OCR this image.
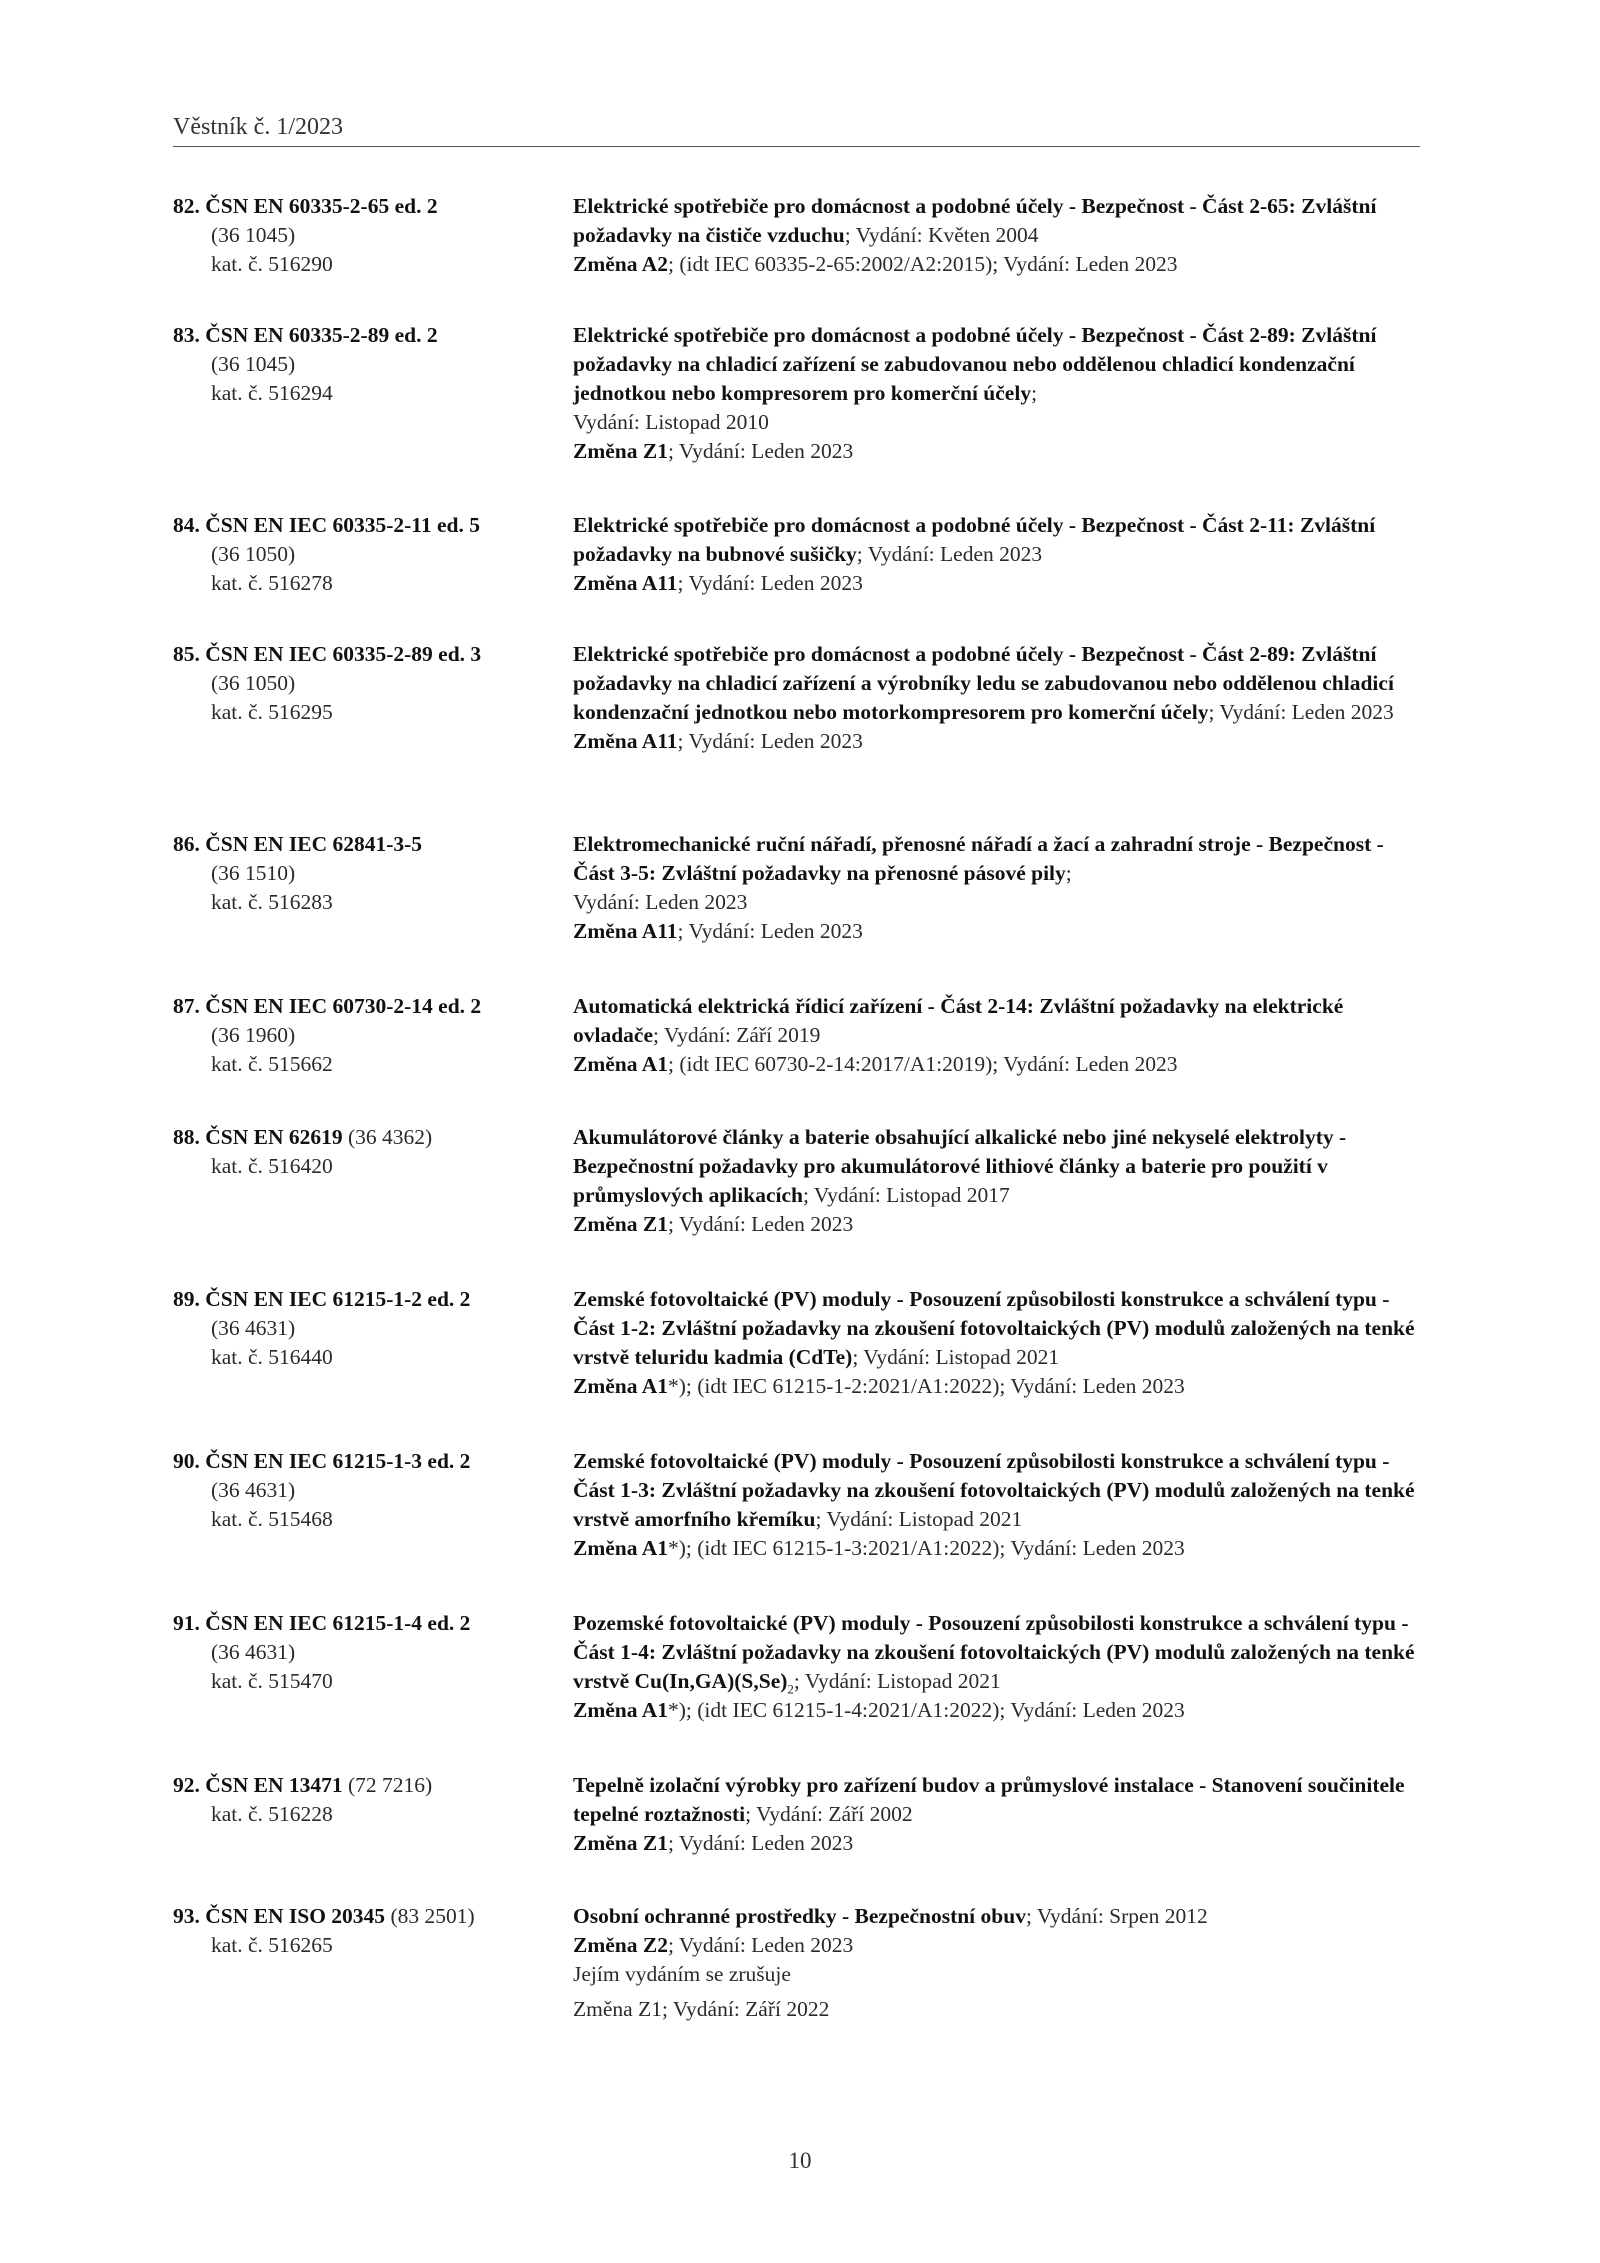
Věstník č. 1/2023
82. ČSN EN 60335-2-65 ed. 2
(36 1045)
kat. č. 516290
Elektrické spotřebiče pro domácnost a podobné účely - Bezpečnost - Část 2-65: Zvláštní požadavky na čističe vzduchu; Vydání: Květen 2004
Změna A2; (idt IEC 60335-2-65:2002/A2:2015); Vydání: Leden 2023
83. ČSN EN 60335-2-89 ed. 2
(36 1045)
kat. č. 516294
Elektrické spotřebiče pro domácnost a podobné účely - Bezpečnost - Část 2-89: Zvláštní požadavky na chladicí zařízení se zabudovanou nebo oddělenou chladicí kondenzační jednotkou nebo kompresorem pro komerční účely;
Vydání: Listopad 2010
Změna Z1; Vydání: Leden 2023
84. ČSN EN IEC 60335-2-11 ed. 5
(36 1050)
kat. č. 516278
Elektrické spotřebiče pro domácnost a podobné účely - Bezpečnost - Část 2-11: Zvláštní požadavky na bubnové sušičky; Vydání: Leden 2023
Změna A11; Vydání: Leden 2023
85. ČSN EN IEC 60335-2-89 ed. 3
(36 1050)
kat. č. 516295
Elektrické spotřebiče pro domácnost a podobné účely - Bezpečnost - Část 2-89: Zvláštní požadavky na chladicí zařízení a výrobníky ledu se zabudovanou nebo oddělenou chladicí kondenzační jednotkou nebo motorkompresorem pro komerční účely; Vydání: Leden 2023
Změna A11; Vydání: Leden 2023
86. ČSN EN IEC 62841-3-5
(36 1510)
kat. č. 516283
Elektromechanické ruční nářadí, přenosné nářadí a žací a zahradní stroje - Bezpečnost - Část 3-5: Zvláštní požadavky na přenosné pásové pily;
Vydání: Leden 2023
Změna A11; Vydání: Leden 2023
87. ČSN EN IEC 60730-2-14 ed. 2
(36 1960)
kat. č. 515662
Automatická elektrická řídicí zařízení - Část 2-14: Zvláštní požadavky na elektrické ovladače; Vydání: Září 2019
Změna A1; (idt IEC 60730-2-14:2017/A1:2019); Vydání: Leden 2023
88. ČSN EN 62619 (36 4362)
kat. č. 516420
Akumulátorové články a baterie obsahující alkalické nebo jiné nekyselé elektrolyty - Bezpečnostní požadavky pro akumulátorové lithiové články a baterie pro použití v průmyslových aplikacích; Vydání: Listopad 2017
Změna Z1; Vydání: Leden 2023
89. ČSN EN IEC 61215-1-2 ed. 2
(36 4631)
kat. č. 516440
Zemské fotovoltaické (PV) moduly - Posouzení způsobilosti konstrukce a schválení typu - Část 1-2: Zvláštní požadavky na zkoušení fotovoltaických (PV) modulů založených na tenké vrstvě teluridu kadmia (CdTe); Vydání: Listopad 2021
Změna A1*); (idt IEC 61215-1-2:2021/A1:2022); Vydání: Leden 2023
90. ČSN EN IEC 61215-1-3 ed. 2
(36 4631)
kat. č. 515468
Zemské fotovoltaické (PV) moduly - Posouzení způsobilosti konstrukce a schválení typu - Část 1-3: Zvláštní požadavky na zkoušení fotovoltaických (PV) modulů založených na tenké vrstvě amorfního křemíku; Vydání: Listopad 2021
Změna A1*); (idt IEC 61215-1-3:2021/A1:2022); Vydání: Leden 2023
91. ČSN EN IEC 61215-1-4 ed. 2
(36 4631)
kat. č. 515470
Pozemské fotovoltaické (PV) moduly - Posouzení způsobilosti konstrukce a schválení typu - Část 1-4: Zvláštní požadavky na zkoušení fotovoltaických (PV) modulů založených na tenké vrstvě $Cu(In,GA)(S,Se)_2$; Vydání: Listopad 2021
Změna A1*); (idt IEC 61215-1-4:2021/A1:2022); Vydání: Leden 2023
92. ČSN EN 13471 (72 7216)
kat. č. 516228
Tepelně izolační výrobky pro zařízení budov a průmyslové instalace - Stanovení součinitele tepelné roztažnosti; Vydání: Září 2002
Změna Z1; Vydání: Leden 2023
93. ČSN EN ISO 20345 (83 2501)
kat. č. 516265
Osobní ochranné prostředky - Bezpečnostní obuv; Vydání: Srpen 2012
Změna Z2; Vydání: Leden 2023
Jejím vydáním se zrušuje
Změna Z1; Vydání: Září 2022
10
